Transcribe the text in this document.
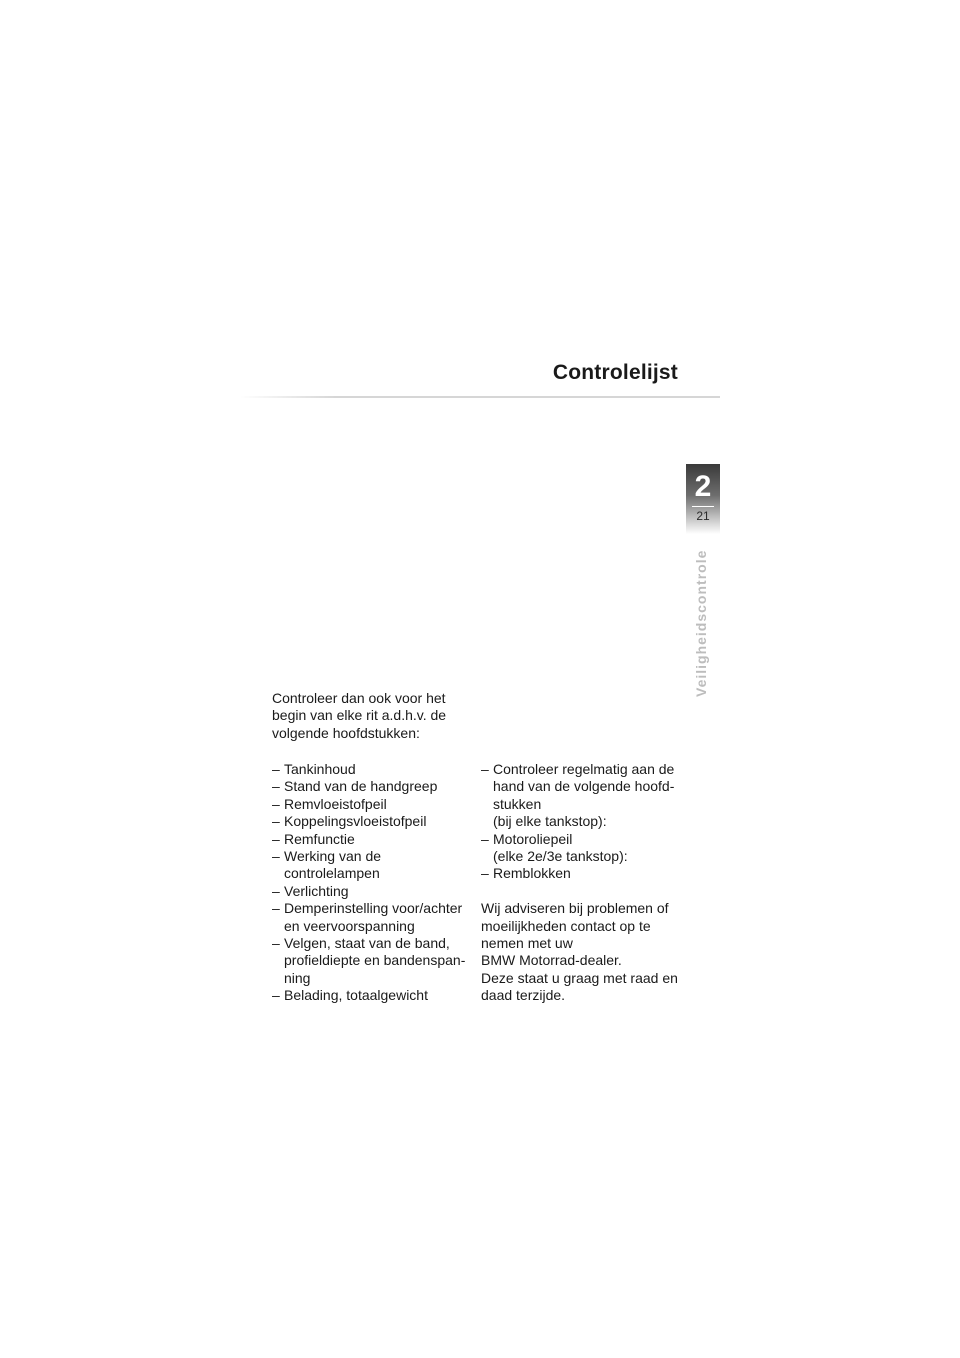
Controlelijst
2
21
Veiligheidscontrole

Controleer dan ook voor het

begin van elke rit a.d.h.v. de

volgende hoofdstukken:

– Tankinhoud
– Stand van de handgreep
– Remvloeistofpeil
– Koppelingsvloeistofpeil
– Remfunctie
– Werking van de
controlelampen
– Verlichting
– Demperinstelling voor/achter
en veervoorspanning
– Velgen, staat van de band,
profieldiepte en bandenspan-
ning
– Belading, totaalgewicht
– Controleer regelmatig aan de
hand van de volgende hoofd-
stukken
(bij elke tankstop):
– Motoroliepeil
(elke 2e/3e tankstop):
– Remblokken

Wij adviseren bij problemen of

moeilijkheden contact op te

nemen met uw

BMW Motorrad-dealer.

Deze staat u graag met raad en

daad terzijde.
